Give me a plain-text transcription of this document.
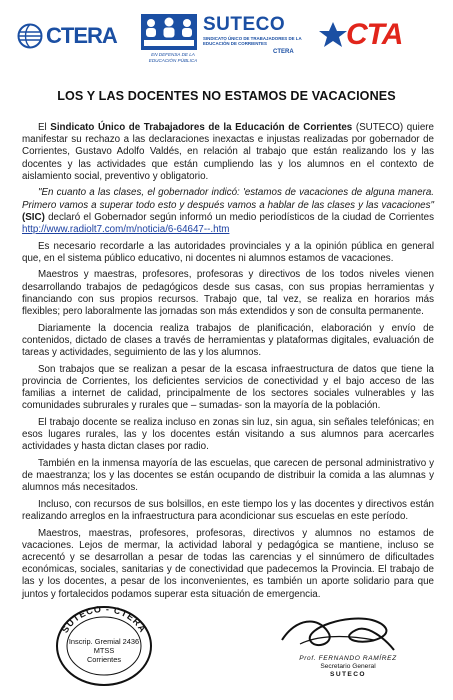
CTERA
EN DEFENSA DE LA EDUCACIÓN PÚBLICA
SUTECO
SINDICATO ÚNICO DE TRABAJADORES DE LA EDUCACIÓN DE CORRIENTES
CTERA
CTA
LOS Y LAS DOCENTES NO ESTAMOS DE VACACIONES

El Sindicato Único de Trabajadores de la Educación de Corrientes (SUTECO) quiere manifestar su rechazo a las declaraciones inexactas e injustas realizadas por gobernador de Corrientes, Gustavo Adolfo Valdés, en relación al trabajo que están realizando los y las docentes y las actividades que están cumpliendo las y los alumnos en el contexto de aislamiento social, preventivo y obligatorio.

"En cuanto a las clases, el gobernador indicó: 'estamos de vacaciones de alguna manera. Primero vamos a superar todo esto y después vamos a hablar de las clases y las vacaciones" (SIC) declaró el Gobernador según informó un medio periodísticos de la ciudad de Corrientes http://www.radiolt7.com/m/noticia/6-64647--.htm

Es necesario recordarle a las autoridades provinciales y a la opinión pública en general que, en el sistema público educativo, ni docentes ni alumnos estamos de vacaciones.

Maestros y maestras, profesores, profesoras y directivos de los todos niveles vienen desarrollando trabajos de pedagógicos desde sus casas, con sus propias herramientas y financiando con sus propios recursos. Trabajo que, tal vez, se realiza en horarios más flexibles; pero laboralmente las jornadas son más extendidos y son de consulta permanente.

Diariamente la docencia realiza trabajos de planificación, elaboración y envío de contenidos, dictado de clases a través de herramientas y plataformas digitales, evaluación de tareas y actividades, seguimiento de las y los alumnos.

Son trabajos que se realizan a pesar de la escasa infraestructura de datos que tiene la provincia de Corrientes, los deficientes servicios de conectividad y el bajo acceso de las familias a internet de calidad, principalmente de los sectores sociales vulnerables y las comunidades subrurales y rurales que – sumadas- son la mayoría de la población.

El trabajo docente se realiza incluso en zonas sin luz, sin agua, sin señales telefónicas; en esos lugares rurales, las y los docentes están visitando a sus alumnos para acercarles actividades y hasta dictan clases por radio.

También en la inmensa mayoría de las escuelas, que carecen de personal administrativo y de maestranza; los y las docentes se están ocupando de distribuir la comida a las alumnas y alumnos más necesitados.

Incluso, con recursos de sus bolsillos, en este tiempo los y las docentes y directivos están realizando arreglos en la infraestructura para acondicionar sus escuelas en este período.

Maestros, maestras, profesores, profesoras, directivos y alumnos no estamos de vacaciones. Lejos de mermar, la actividad laboral y pedagógica se mantiene, incluso se acrecentó y se desarrollan a pesar de todas las carencias y el sinnúmero de dificultades económicas, sociales, sanitarias y de conectividad que padecemos la Provincia. El trabajo de las y los docentes, a pesar de los inconvenientes, es también un aporte solidario para que juntos y fortalecidos podamos superar esta situación de emergencia.

SUTECO - CTERA
Inscrip. Gremial 2436
MTSS
Corrientes	Prof. FERNANDO RAMÍREZ
Secretario General
SUTECO
